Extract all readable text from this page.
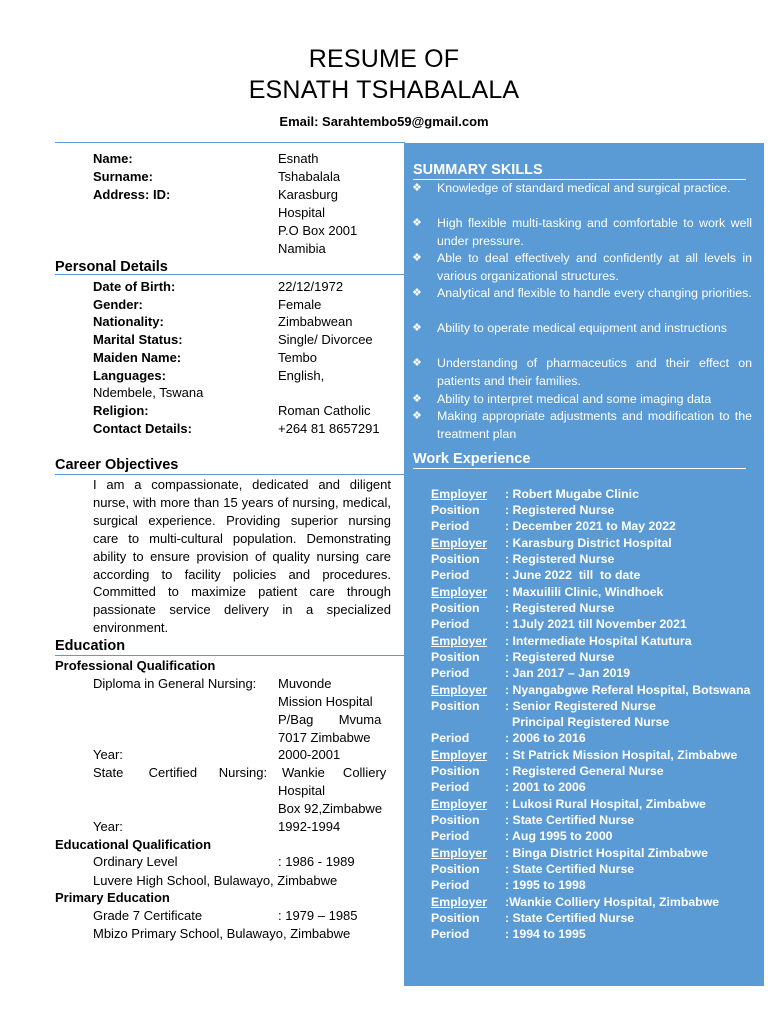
RESUME OF
ESNATH TSHABALALA
Email: Sarahtembo59@gmail.com
Name:	Esnath
Surname:	Tshabalala
Address: ID:	Karasburg
Hospital
P.O Box 2001
Namibia
Personal Details
Date of Birth:	22/12/1972
Gender:	Female
Nationality:	Zimbabwean
Marital Status:	Single/ Divorcee
Maiden Name:	Tembo
Languages:	English,
Ndembele, Tswana
Religion:	Roman Catholic
Contact Details:	+264 81 8657291
Career Objectives
I am a compassionate, dedicated and diligent nurse, with more than 15 years of nursing, medical, surgical experience. Providing superior nursing care to multi-cultural population. Demonstrating ability to ensure provision of quality nursing care according to facility policies and procedures. Committed to maximize patient care through passionate service delivery in a specialized environment.
Education
Professional Qualification
Diploma in General Nursing: Muvonde
Mission Hospital
P/Bag       Mvuma
7017 Zimbabwe
Year:	2000-2001
State       Certified      Nursing: Wankie     Colliery
Hospital
Box 92,Zimbabwe
Year:	1992-1994
Educational Qualification
Ordinary Level	: 1986 - 1989
Luvere High School, Bulawayo, Zimbabwe
Primary Education
Grade 7 Certificate	: 1979 – 1985
Mbizo Primary School, Bulawayo, Zimbabwe
SUMMARY SKILLS
❖ Knowledge of standard medical and surgical practice.
❖ High flexible multi-tasking and comfortable to work well under pressure.
❖ Able to deal effectively and confidently at all levels in various organizational structures.
❖ Analytical and flexible to handle every changing priorities.
❖ Ability to operate medical equipment and instructions
❖ Understanding of pharmaceutics and their effect on patients and their families.
❖ Ability to interpret medical and some imaging data
❖ Making appropriate adjustments and modification to the treatment plan
Work Experience
Employer : Robert Mugabe Clinic
Position : Registered Nurse
Period	: December 2021 to May 2022
Employer : Karasburg District Hospital
Position : Registered Nurse
Period	: June 2022  till  to date
Employer : Maxuilili Clinic, Windhoek
Position : Registered Nurse
Period	: 1July 2021 till November 2021
Employer : Intermediate Hospital Katutura
Position : Registered Nurse
Period	: Jan 2017 – Jan 2019
Employer : Nyangabgwe Referal Hospital, Botswana
Position : Senior Registered Nurse
Principal Registered Nurse
Period	: 2006 to 2016
Employer : St Patrick Mission Hospital, Zimbabwe
Position : Registered General Nurse
Period	: 2001 to 2006
Employer : Lukosi Rural Hospital, Zimbabwe
Position : State Certified Nurse
Period	: Aug 1995 to 2000
Employer : Binga District Hospital Zimbabwe
Position : State Certified Nurse
Period	: 1995 to 1998
Employer :Wankie Colliery Hospital, Zimbabwe
Position : State Certified Nurse
Period	: 1994 to 1995
